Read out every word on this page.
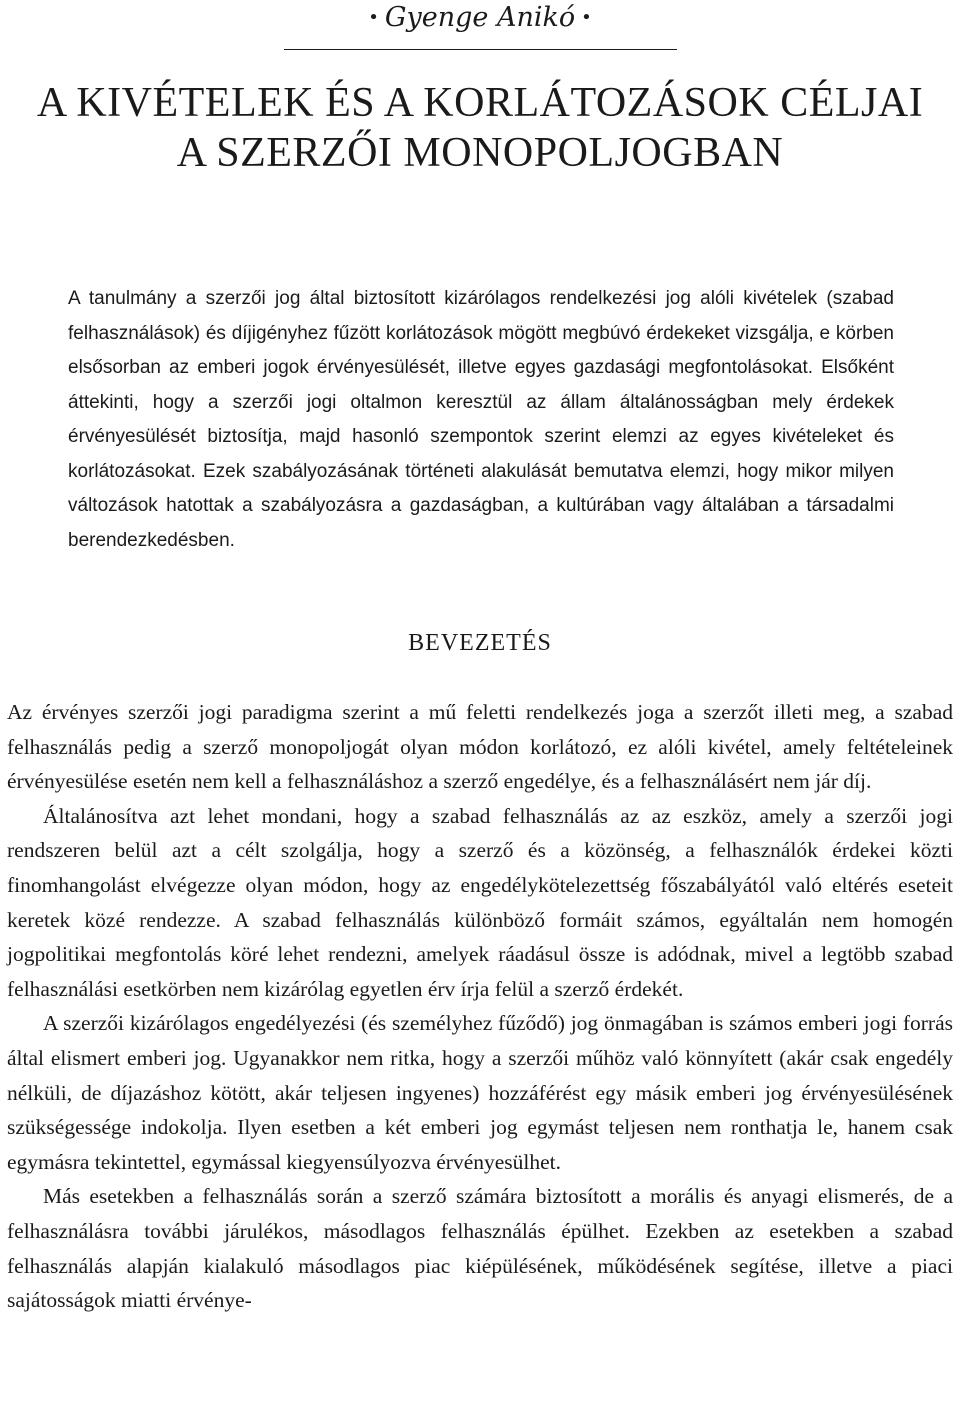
• Gyenge Anikó •
A KIVÉTELEK ÉS A KORLÁTOZÁSOK CÉLJAI
A SZERZŐI MONOPOLJOGBAN

A tanulmány a szerzői jog által biztosított kizárólagos rendelkezési jog alóli kivételek (szabad felhasználások) és díjigényhez fűzött korlátozások mögött megbúvó érdekeket vizsgálja, e körben elsősorban az emberi jogok érvényesülését, illetve egyes gazdasági megfontolásokat. Elsőként áttekinti, hogy a szerzői jogi oltalmon keresztül az állam általánosságban mely érdekek érvényesülését biztosítja, majd hasonló szempontok szerint elemzi az egyes kivételeket és korlátozásokat. Ezek szabályozásának történeti alakulását bemutatva elemzi, hogy mikor milyen változások hatottak a szabályozásra a gazdaságban, a kultúrában vagy általában a társadalmi berendezkedésben.

BEVEZETÉS

Az érvényes szerzői jogi paradigma szerint a mű feletti rendelkezés joga a szerzőt illeti meg, a szabad felhasználás pedig a szerző monopoljogát olyan módon korlátozó, ez alóli kivétel, amely feltételeinek érvényesülése esetén nem kell a felhasználáshoz a szerző engedélye, és a felhasználásért nem jár díj.

Általánosítva azt lehet mondani, hogy a szabad felhasználás az az eszköz, amely a szerzői jogi rendszeren belül azt a célt szolgálja, hogy a szerző és a közönség, a felhasználók érdekei közti finomhangolást elvégezze olyan módon, hogy az engedélykötelezettség főszabályától való eltérés eseteit keretek közé rendezze. A szabad felhasználás különböző formáit számos, egyáltalán nem homogén jogpolitikai megfontolás köré lehet rendezni, amelyek ráadásul össze is adódnak, mivel a legtöbb szabad felhasználási esetkörben nem kizárólag egyetlen érv írja felül a szerző érdekét.

A szerzői kizárólagos engedélyezési (és személyhez fűződő) jog önmagában is számos emberi jogi forrás által elismert emberi jog. Ugyanakkor nem ritka, hogy a szerzői műhöz való könnyített (akár csak engedély nélküli, de díjazáshoz kötött, akár teljesen ingyenes) hozzáférést egy másik emberi jog érvényesülésének szükségessége indokolja. Ilyen esetben a két emberi jog egymást teljesen nem ronthatja le, hanem csak egymásra tekintettel, egymással kiegyensúlyozva érvényesülhet.

Más esetekben a felhasználás során a szerző számára biztosított a morális és anyagi elismerés, de a felhasználásra további járulékos, másodlagos felhasználás épülhet. Ezekben az esetekben a szabad felhasználás alapján kialakuló másodlagos piac kiépülésének, működésének segítése, illetve a piaci sajátosságok miatti érvénye-
